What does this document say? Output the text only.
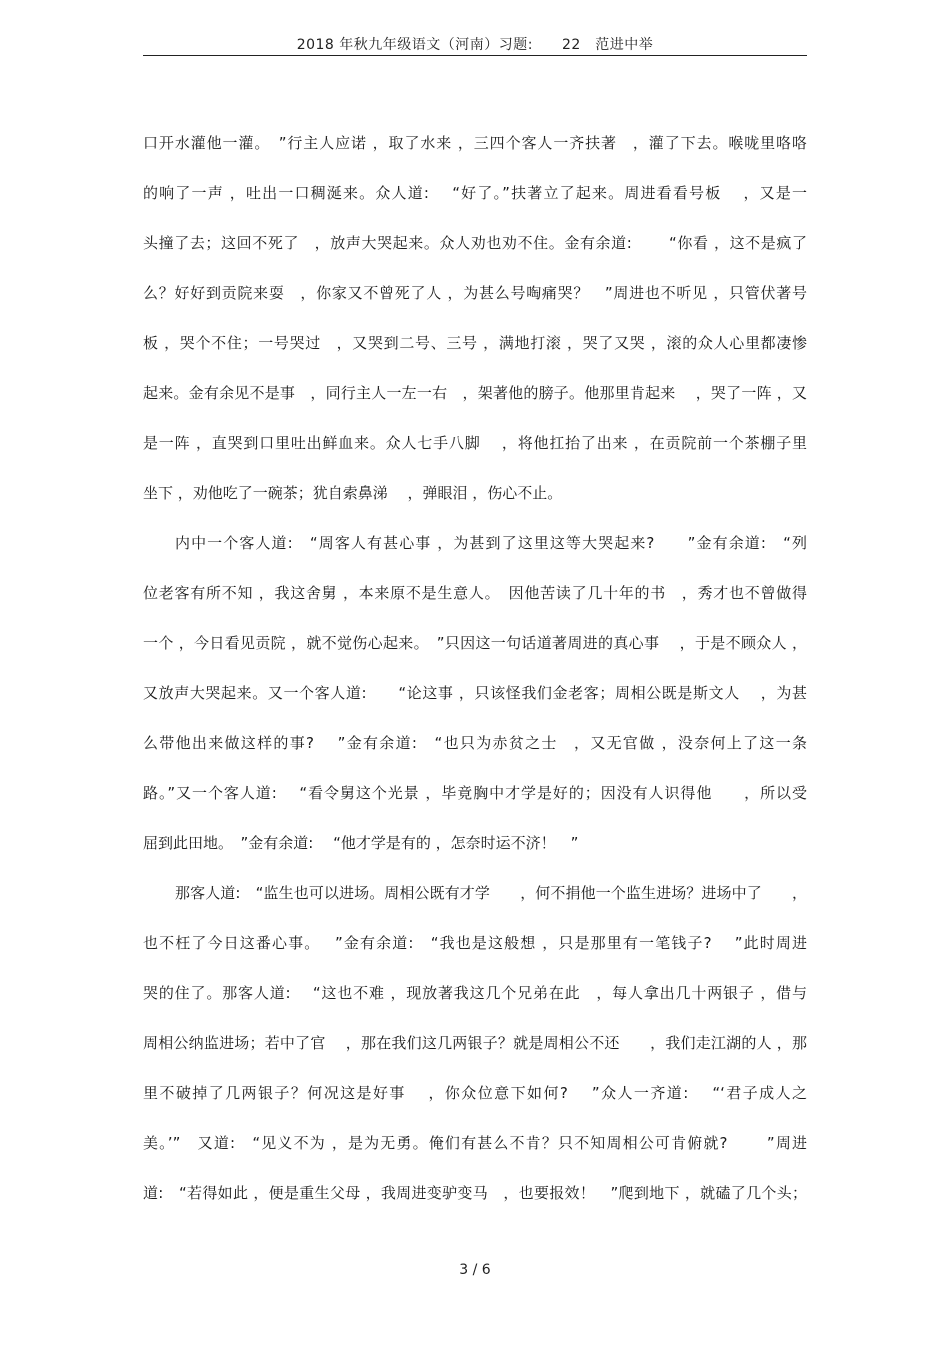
2018 年秋九年级语文（河南）习题:　　22　范进中举
口开水灌他一灌。　”行主人应诺 ，取了水来 ，三四个客人一齐扶著　，灌了下去。喉咙里咯咯
的响了一声 ，吐出一口稠涎来。众人道:　 “好了。”扶著立了起来。周进看看号板　 ，又是一
头撞了去；这回不死了　，放声大哭起来。众人劝也劝不住。金有余道:　　 “你看 ，这不是疯了
么？好好到贡院来耍　，你家又不曾死了人 ，为甚么号啕痛哭？　”周进也不听见 ，只管伏著号
板 ，哭个不住；一号哭过　，又哭到二号、三号 ，满地打滚 ，哭了又哭 ，滚的众人心里都凄惨
起来。金有余见不是事　，同行主人一左一右　，架著他的膀子。他那里肯起来　 ，哭了一阵 ，又
是一阵 ，直哭到口里吐出鲜血来。众人七手八脚　 ，将他扛抬了出来 ，在贡院前一个茶棚子里
坐下 ，劝他吃了一碗茶；犹自索鼻涕　 ，弹眼泪 ，伤心不止。
内中一个客人道:　“周客人有甚心事 ，为甚到了这里这等大哭起来?　　”金有余道:　“列
位老客有所不知 ，我这舍舅 ，本来原不是生意人。　因他苦读了几十年的书　，秀才也不曾做得
一个 ，今日看见贡院 ，就不觉伤心起来。　”只因这一句话道著周进的真心事　 ，于是不顾众人 ，
又放声大哭起来。又一个客人道:　　“论这事 ，只该怪我们金老客；周相公既是斯文人　 ，为甚
么带他出来做这样的事?　 ”金有余道:　“也只为赤贫之士　，又无官做 ，没奈何上了这一条
路。”又一个客人道:　 “看令舅这个光景 ，毕竟胸中才学是好的；因没有人识得他　　，所以受
屈到此田地。　”金有余道:　 “他才学是有的 ，怎奈时运不济！　”
那客人道:　“监生也可以进场。周相公既有才学　　，何不捐他一个监生进场？进场中了　　，
也不枉了今日这番心事。　 ”金有余道:　“我也是这般想 ，只是那里有一笔钱子?　 ”此时周进
哭的住了。那客人道:　 “这也不难 ，现放著我这几个兄弟在此　，每人拿出几十两银子 ，借与
周相公纳监进场；若中了官　 ，那在我们这几两银子？就是周相公不还　　，我们走江湖的人 ，那
里不破掉了几两银子？何况这是好事　 ，你众位意下如何?　 ”众人一齐道:　 “‘君子成人之
美。’”　又道:　“见义不为 ，是为无勇。俺们有甚么不肯？只不知周相公可肯俯就?　　 ”周进
道:　“若得如此 ，便是重生父母 ，我周进变驴变马　，也要报效！　”爬到地下 ，就磕了几个头；
3 / 6
